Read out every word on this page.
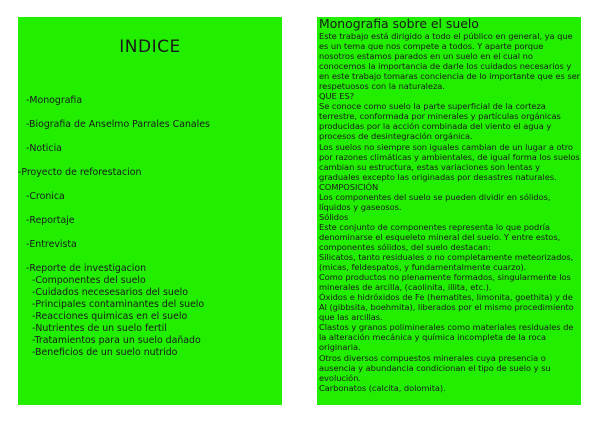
INDICE
-Monografia
-Biografia de Anselmo Parrales Canales
-Noticia
-Proyecto de reforestacion
-Cronica
-Reportaje
-Entrevista
-Reporte de investigacion
-Componentes del suelo
-Cuidados necesesarios del suelo
-Principales contaminantes del suelo
-Reacciones quimicas en el suelo
-Nutrientes de un suelo fertil
-Tratamientos para un suelo dañado
-Beneficios de un suelo nutrido
Monografia sobre el suelo

Este trabajo está dirigido a todo el público en general, ya que es un tema que nos compete a todos. Y aparte porque nosotros estamos parados en un suelo en el cual no conocemos la importancia de darle los cuidados necesarios y en este trabajo tomaras conciencia de lo importante que es ser respetuosos con la naturaleza.

QUE ES?

Se conoce como suelo la parte superficial de la corteza terrestre, conformada por minerales y partículas orgánicas producidas por la acción combinada del viento el agua y procesos de desintegración orgánica.

Los suelos no siempre son iguales cambian de un lugar a otro por razones climáticas y ambientales, de igual forma los suelos cambian su estructura, estas variaciones son lentas y graduales excepto las originadas por desastres naturales.

COMPOSICIÓN

Los componentes del suelo se pueden dividir en sólidos, líquidos y gaseosos.

Sólidos

Este conjunto de componentes representa lo que podría denominarse el esqueleto mineral del suelo. Y entre estos, componentes sólidos, del suelo destacan:

Silicatos, tanto residuales o no completamente meteorizados, (micas, feldespatos, y fundamentalmente cuarzo).

Como productos no plenamente formados, singularmente los minerales de arcilla, (caolinita, illita, etc.).

Óxidos e hidróxidos de Fe (hematites, limonita, goethita) y de Al (gibbsita, boehmita), liberados por el mismo procedimiento que las arcillas.

Clastos y granos poliminerales como materiales residuales de la alteración mecánica y química incompleta de la roca originaria.

Otros diversos compuestos minerales cuya presencia o ausencia y abundancia condicionan el tipo de suelo y su evolución.

Carbonatos (calcita, dolomita).
